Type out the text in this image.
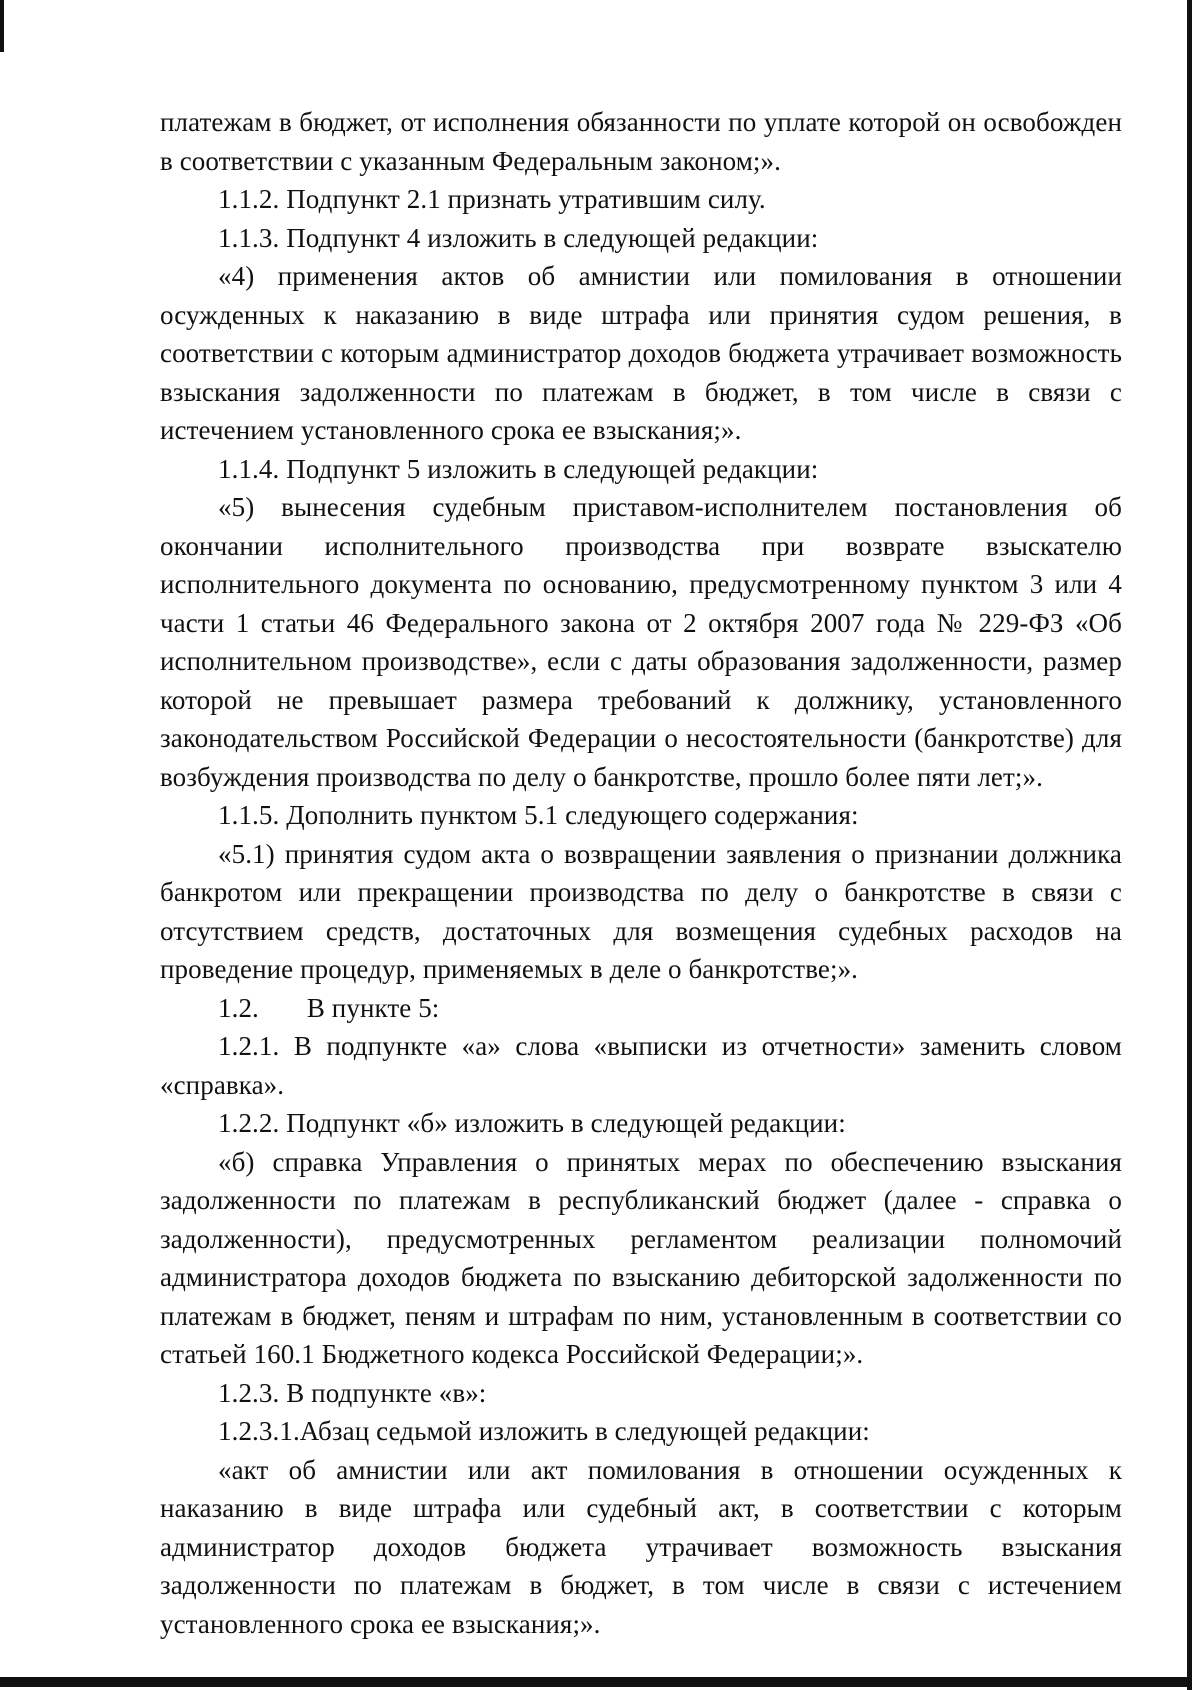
платежам в бюджет, от исполнения обязанности по уплате которой он освобожден в соответствии с указанным Федеральным законом;».

1.1.2. Подпункт 2.1 признать утратившим силу.

1.1.3. Подпункт 4 изложить в следующей редакции:

«4) применения актов об амнистии или помилования в отношении осужденных к наказанию в виде штрафа или принятия судом решения, в соответствии с которым администратор доходов бюджета утрачивает возможность взыскания задолженности по платежам в бюджет, в том числе в связи с истечением установленного срока ее взыскания;».

1.1.4. Подпункт 5 изложить в следующей редакции:

«5) вынесения судебным приставом-исполнителем постановления об окончании исполнительного производства при возврате взыскателю исполнительного документа по основанию, предусмотренному пунктом 3 или 4 части 1 статьи 46 Федерального закона от 2 октября 2007 года № 229-ФЗ «Об исполнительном производстве», если с даты образования задолженности, размер которой не превышает размера требований к должнику, установленного законодательством Российской Федерации о несостоятельности (банкротстве) для возбуждения производства по делу о банкротстве, прошло более пяти лет;».

1.1.5. Дополнить пунктом 5.1 следующего содержания:

«5.1) принятия судом акта о возвращении заявления о признании должника банкротом или прекращении производства по делу о банкротстве в связи с отсутствием средств, достаточных для возмещения судебных расходов на проведение процедур, применяемых в деле о банкротстве;».

1.2.       В пункте 5:

1.2.1. В подпункте «а» слова «выписки из отчетности» заменить словом «справка».

1.2.2. Подпункт «б» изложить в следующей редакции:

«б) справка Управления о принятых мерах по обеспечению взыскания задолженности по платежам в республиканский бюджет (далее - справка о задолженности), предусмотренных регламентом реализации полномочий администратора доходов бюджета по взысканию дебиторской задолженности по платежам в бюджет, пеням и штрафам по ним, установленным в соответствии со статьей 160.1 Бюджетного кодекса Российской Федерации;».

1.2.3. В подпункте «в»:

1.2.3.1.Абзац седьмой изложить в следующей редакции:

«акт об амнистии или акт помилования в отношении осужденных к наказанию в виде штрафа или судебный акт, в соответствии с которым администратор доходов бюджета утрачивает возможность взыскания задолженности по платежам в бюджет, в том числе в связи с истечением установленного срока ее взыскания;».
